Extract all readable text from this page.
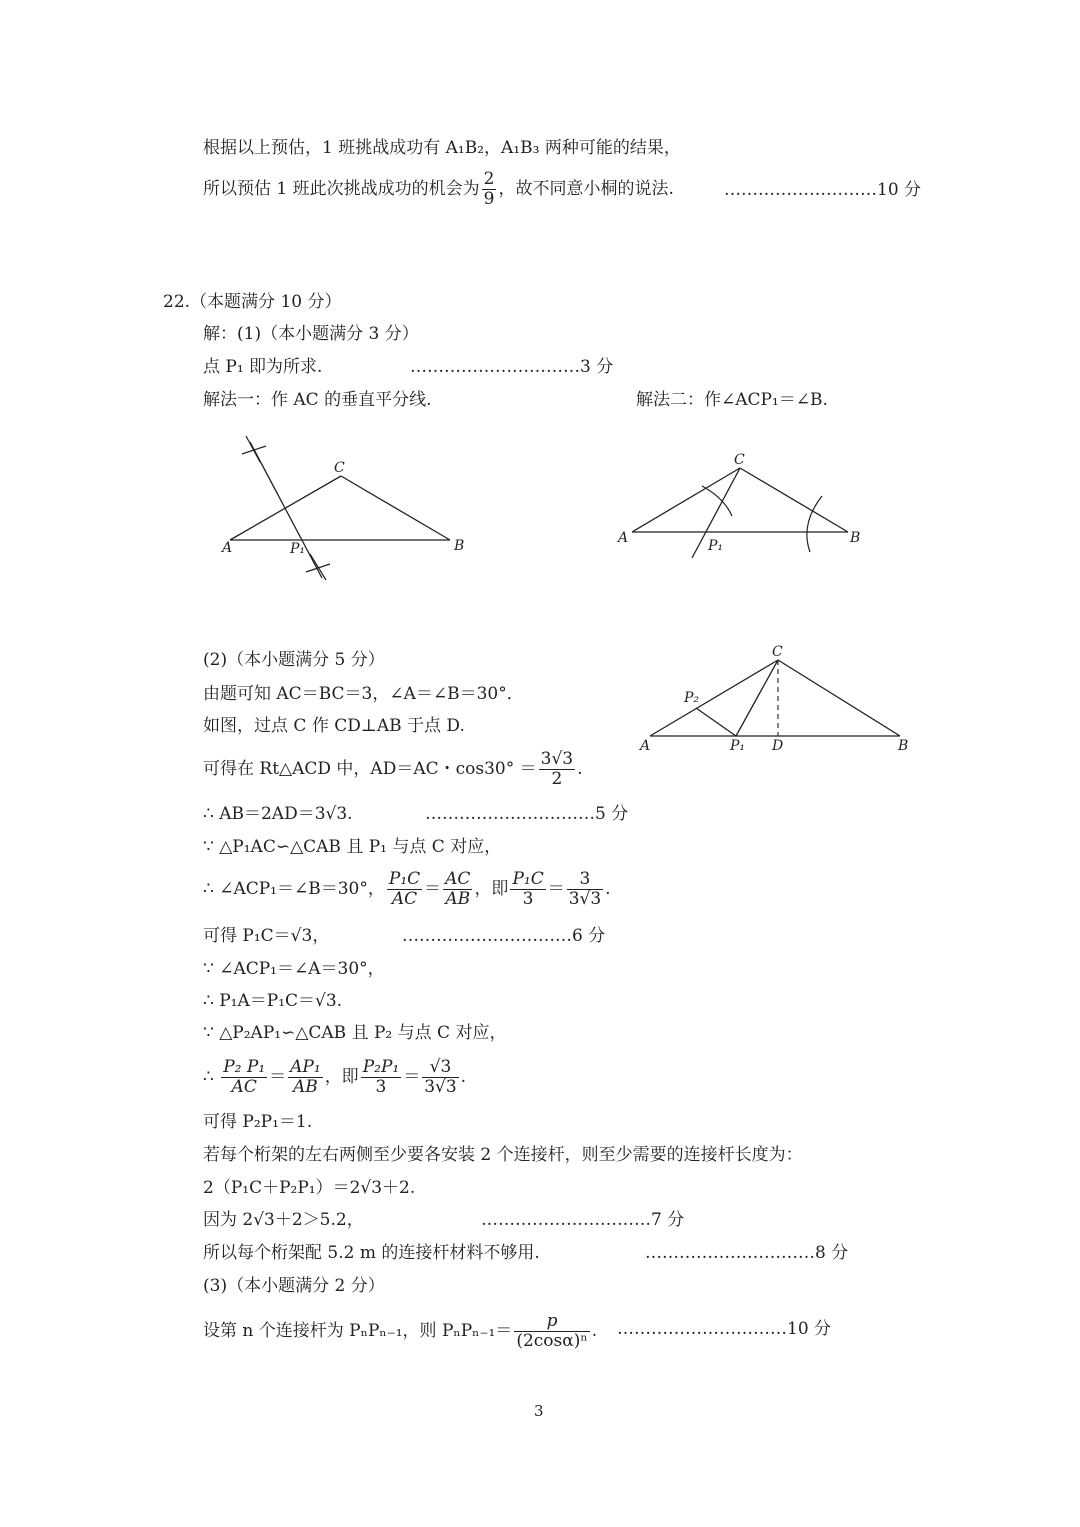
根据以上预估，1 班挑战成功有 A₁B₂，A₁B₃ 两种可能的结果，
所以预估 1 班此次挑战成功的机会为 $\frac{2}{9}$ ，故不同意小桐的说法.	………………………10 分
22.（本题满分 10 分）
解：(1)（本小题满分 3 分）
点 P₁ 即为所求.	…………………………3 分
解法一：作 AC 的垂直平分线.	解法二：作∠ACP₁＝∠B.
A	B
C
P₁
A	B
C
P₁
(2)（本小题满分 5 分）
A	B
C
D
P₁
P₂
由题可知 AC＝BC＝3，∠A＝∠B＝30°．
如图，过点 C 作 CD⊥AB 于点 D.
可得在 Rt△ACD 中，AD＝AC・$\cos 30^\circ = \frac{3√3}{2}$ .
∴ AB＝2AD＝3√3.	…………………………5 分
∵ △P₁AC∽△CAB 且 P₁ 与点 C 对应，
∴ ∠ACP₁＝∠B＝30°， $\frac{\text{P₁C}}{AC} = \frac{AC}{AB}$ ，即 $\frac{\text{P₁C}}{3} = \frac{3}{3√3}$ .
可得 P₁C＝√3，	…………………………6 分
∵ ∠ACP₁＝∠A＝30°，
∴ P₁A＝P₁C＝√3.
∵ △P₂AP₁∽△CAB 且 P₂ 与点 C 对应，
∴ $\frac{\text{P₂ P₁}}{AC} = \frac{\text{AP₁}}{AB}$ ，即 $\frac{\text{P₂P₁}}{3} = \frac{√3}{3√3}$ .
可得 P₂P₁＝1.
若每个桁架的左右两侧至少要各安装 2 个连接杆，则至少需要的连接杆长度为：
2（P₁C＋P₂P₁）＝2√3＋2.
因为 2√3＋2＞5.2，	…………………………7 分
所以每个桁架配 5.2 m 的连接杆材料不够用.	…………………………8 分
(3)（本小题满分 2 分）
设第 n 个连接杆为 PₙPₙ₋₁，则 $P_nP_{n-1}= \frac{p}{\text{(2cosα)ⁿ}}$ . …………………………10 分
3
